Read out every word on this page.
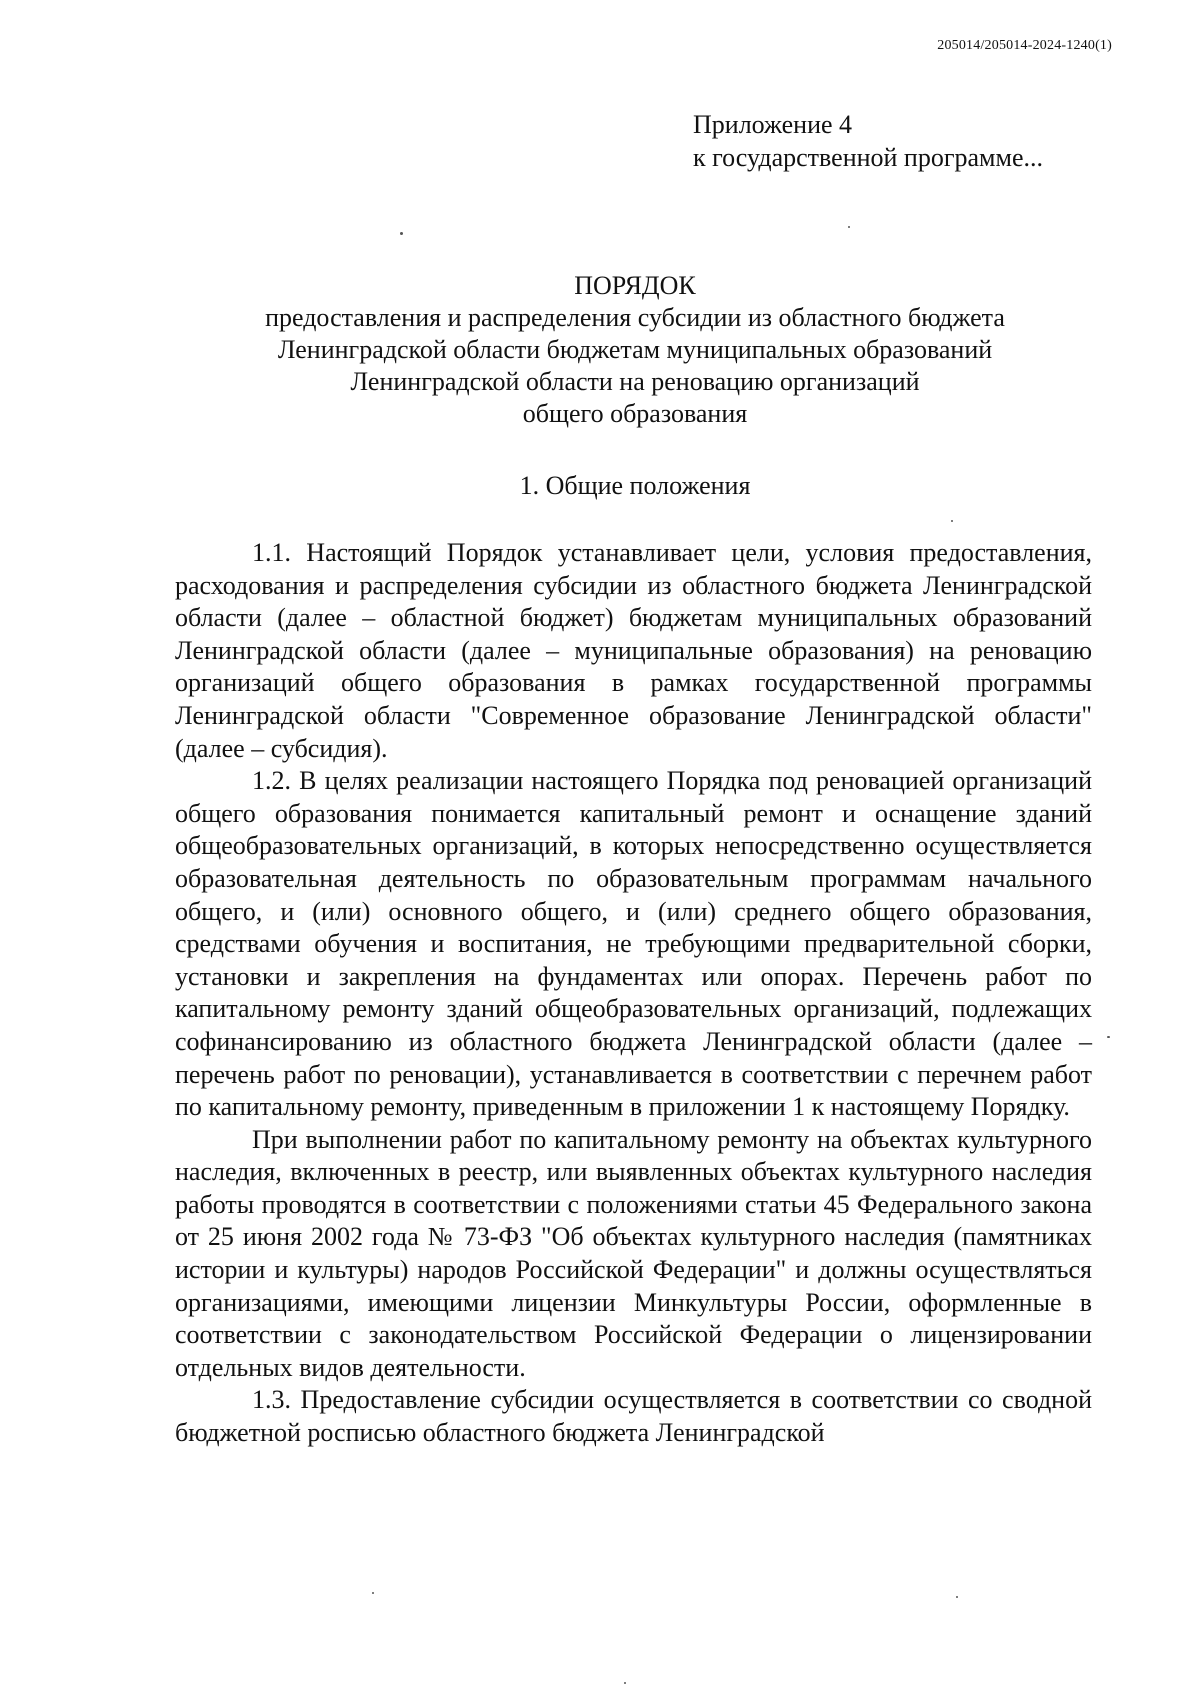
205014/205014-2024-1240(1)
Приложение 4
к государственной программе...
ПОРЯДОК
предоставления и распределения субсидии из областного бюджета
Ленинградской области бюджетам муниципальных образований
Ленинградской области на реновацию организаций
общего образования
1. Общие положения

1.1. Настоящий Порядок устанавливает цели, условия предоставления, расходования и распределения субсидии из областного бюджета Ленинградской области (далее – областной бюджет) бюджетам муниципальных образований Ленинградской области (далее – муниципальные образования) на реновацию организаций общего образования в рамках государственной программы Ленинградской области "Современное образование Ленинградской области" (далее – субсидия).

1.2. В целях реализации настоящего Порядка под реновацией организаций общего образования понимается капитальный ремонт и оснащение зданий общеобразовательных организаций, в которых непосредственно осуществляется образовательная деятельность по образовательным программам начального общего, и (или) основного общего, и (или) среднего общего образования, средствами обучения и воспитания, не требующими предварительной сборки, установки и закрепления на фундаментах или опорах. Перечень работ по капитальному ремонту зданий общеобразовательных организаций, подлежащих софинансированию из областного бюджета Ленинградской области (далее – перечень работ по реновации), устанавливается в соответствии с перечнем работ по капитальному ремонту, приведенным в приложении 1 к настоящему Порядку.

При выполнении работ по капитальному ремонту на объектах культурного наследия, включенных в реестр, или выявленных объектах культурного наследия работы проводятся в соответствии с положениями статьи 45 Федерального закона от 25 июня 2002 года № 73-ФЗ "Об объектах культурного наследия (памятниках истории и культуры) народов Российской Федерации" и должны осуществляться организациями, имеющими лицензии Минкультуры России, оформленные в соответствии с законодательством Российской Федерации о лицензировании отдельных видов деятельности.

1.3. Предоставление субсидии осуществляется в соответствии со сводной бюджетной росписью областного бюджета Ленинградской
